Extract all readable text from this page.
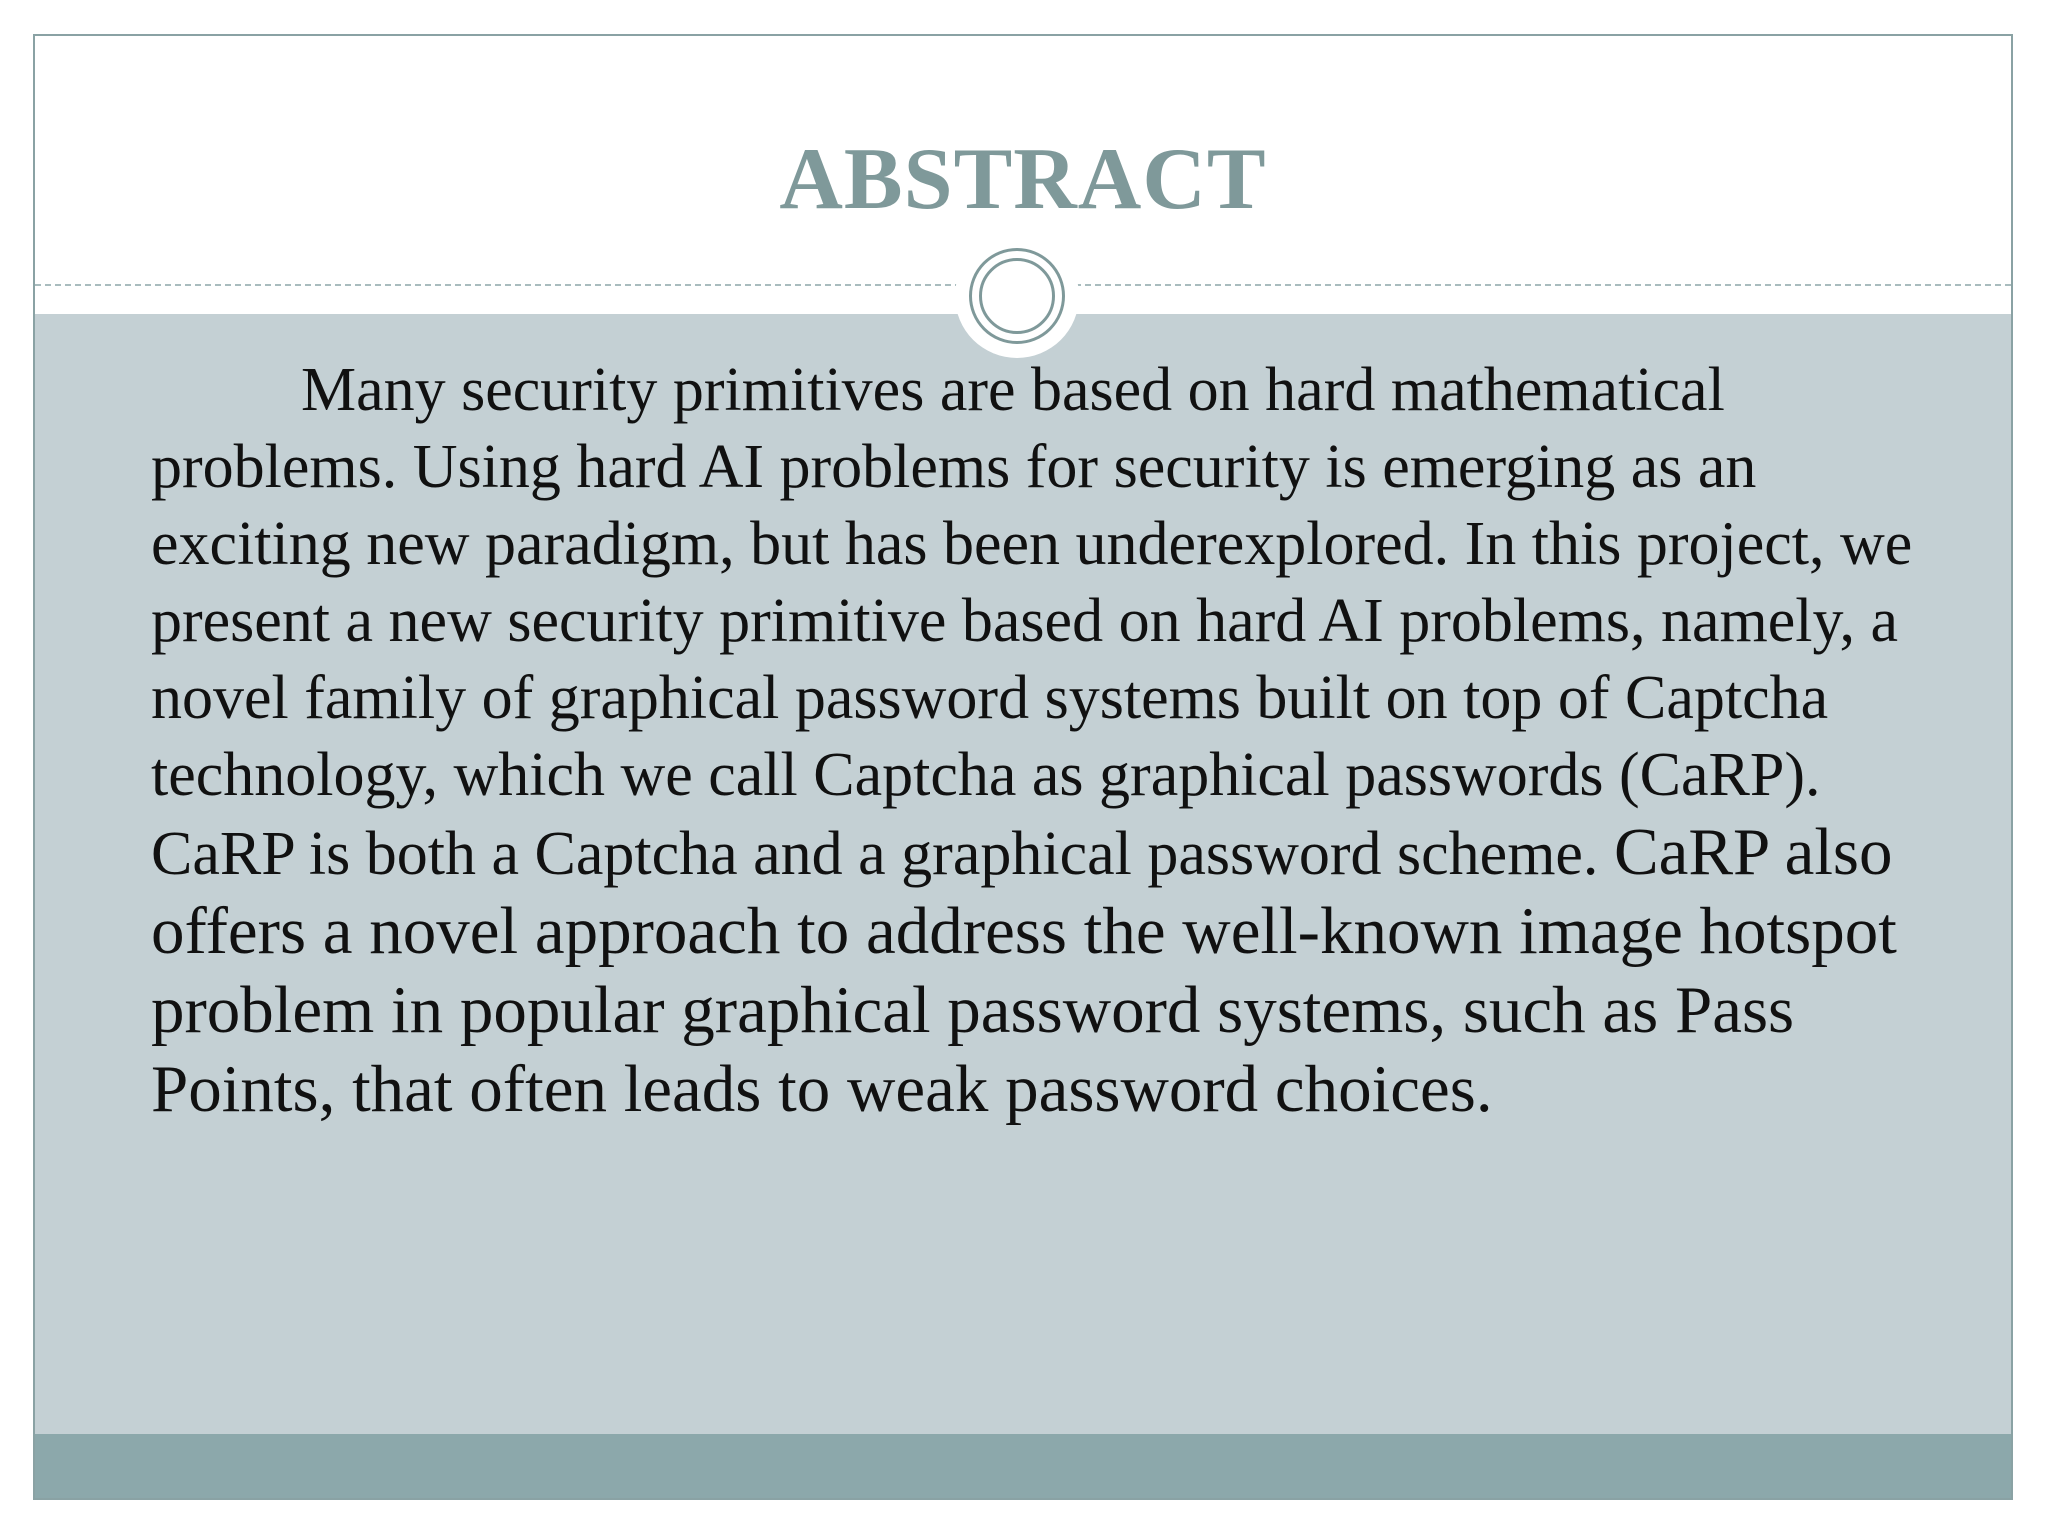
ABSTRACT

Many security primitives are based on hard mathematical problems. Using hard AI problems for security is emerging as an exciting new paradigm, but has been underexplored. In this project, we present a new security primitive based on hard AI problems, namely, a novel family of graphical password systems built on top of Captcha technology, which we call Captcha as graphical passwords (CaRP). CaRP is both a Captcha and a graphical password scheme. CaRP also offers a novel approach to address the well-known image hotspot problem in popular graphical password systems, such as Pass Points, that often leads to weak password choices.
